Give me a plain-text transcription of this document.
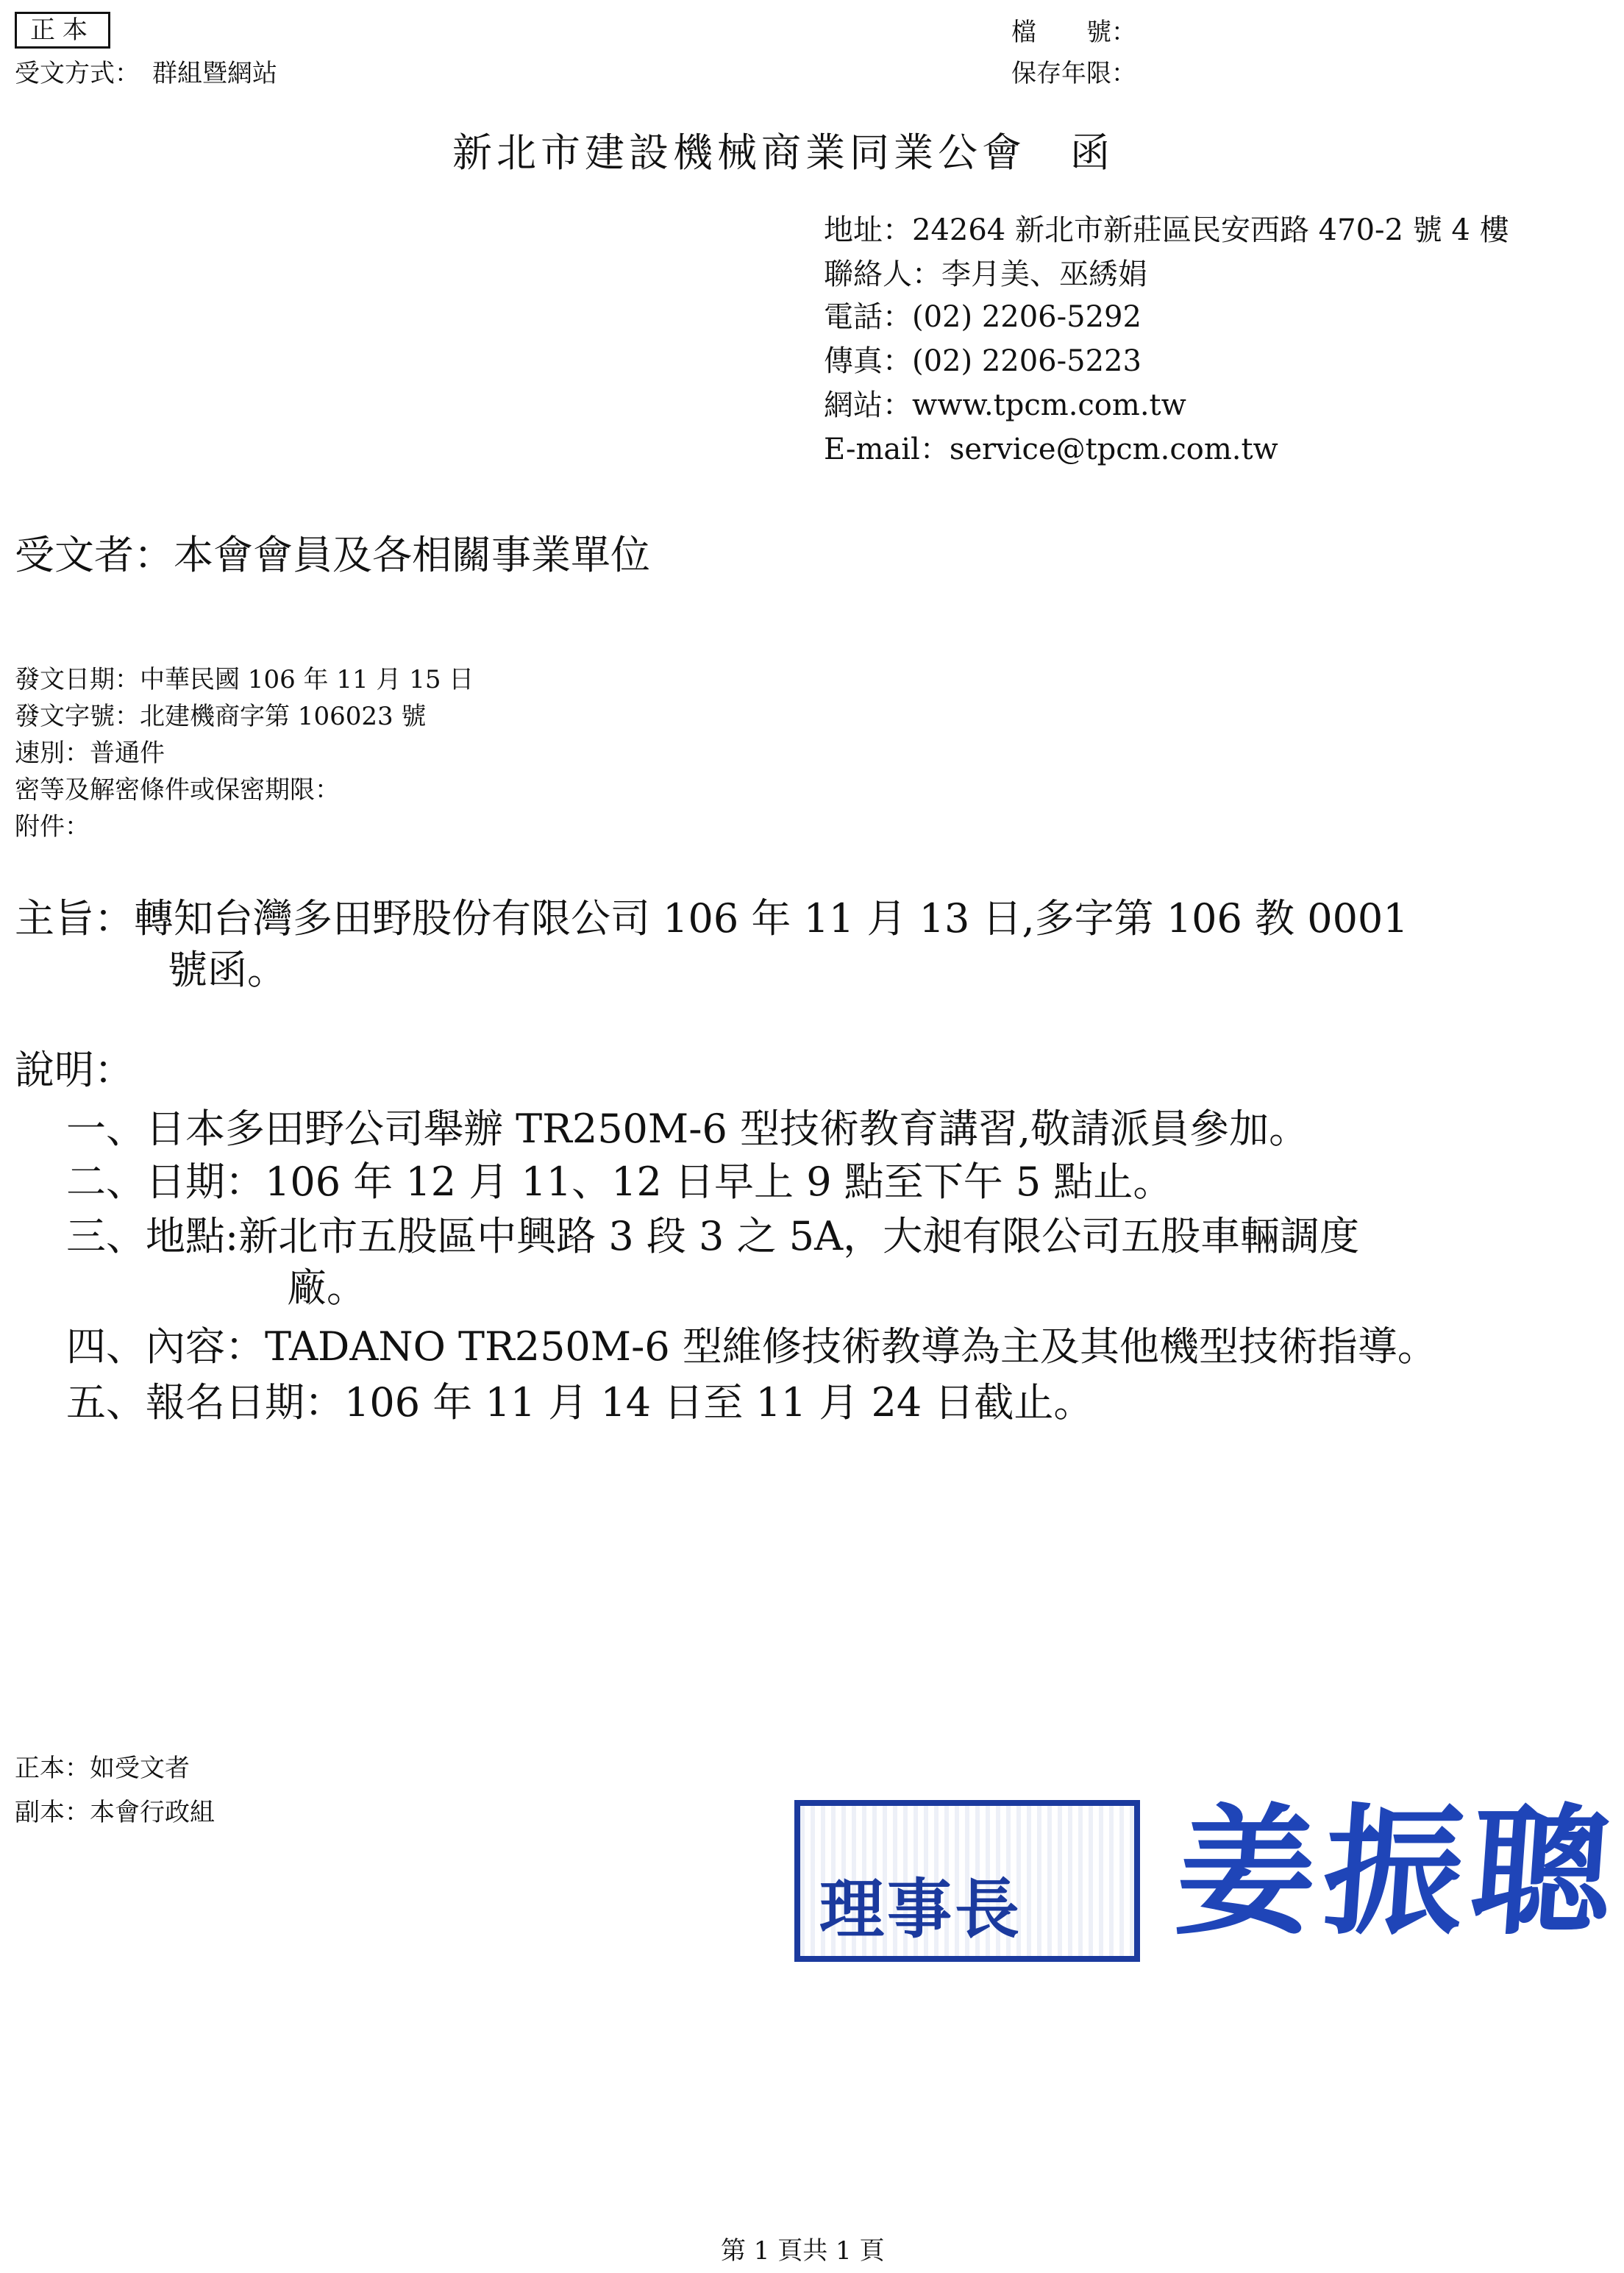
正本
受文方式：　群組暨網站
檔　　號：
保存年限：
新北市建設機械商業同業公會　函
地址：24264 新北市新莊區民安西路 470-2 號 4 樓
聯絡人：李月美、巫綉娟
電話：(02) 2206-5292
傳真：(02) 2206-5223
網站：www.tpcm.com.tw
E-mail：service@tpcm.com.tw
受文者：本會會員及各相關事業單位
發文日期：中華民國 106 年 11 月 15 日
發文字號：北建機商字第 106023 號
速別：普通件
密等及解密條件或保密期限：
附件：
主旨：轉知台灣多田野股份有限公司 106 年 11 月 13 日,多字第 106 教 0001
號函。
說明：
一、日本多田野公司舉辦 TR250M-6 型技術教育講習,敬請派員參加。
二、日期：106 年 12 月 11、12 日早上 9 點至下午 5 點止。
三、地點:新北市五股區中興路 3 段 3 之 5A，大昶有限公司五股車輛調度
廠。
四、內容：TADANO TR250M-6 型維修技術教導為主及其他機型技術指導。
五、報名日期：106 年 11 月 14 日至 11 月 24 日截止。
正本：如受文者
副本：本會行政組
理事長 姜振聰
第 1 頁共 1 頁
